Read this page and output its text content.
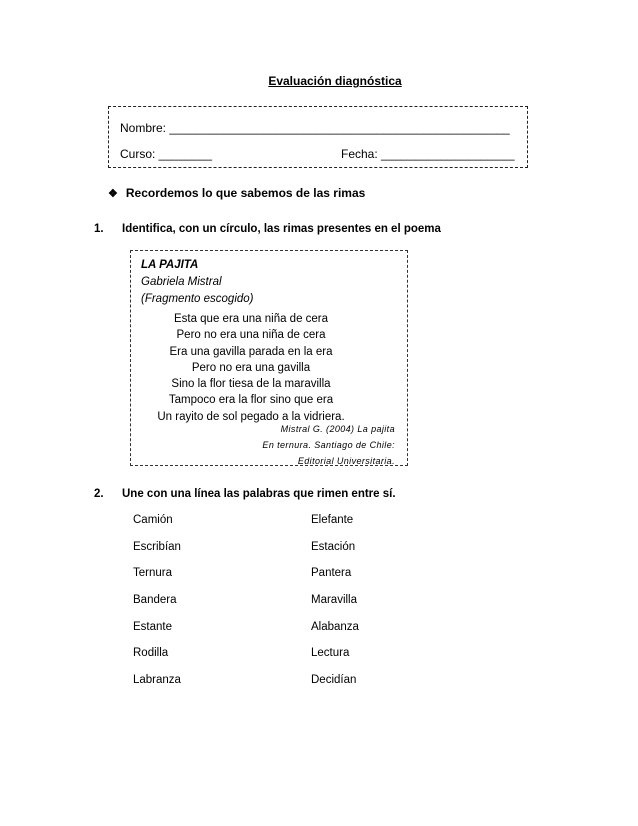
Evaluación diagnóstica
Nombre: ___________________________________________________
Curso: ________	Fecha: ____________________
❖ Recordemos lo que sabemos de las rimas
1. Identifica, con un círculo, las rimas presentes en el poema
LA PAJITA
Gabriela Mistral
(Fragmento escogido)
Esta que era una niña de cera
Pero no era una niña de cera
Era una gavilla parada en la era
Pero no era una gavilla
Sino la flor tiesa de la maravilla
Tampoco era la flor sino que era
Un rayito de sol pegado a la vidriera.
Mistral G. (2004) La pajita
En ternura. Santiago de Chile:
Editorial Universitaria.
2. Une con una línea las palabras que rimen entre sí.
Camión	Elefante
Escribían	Estación
Ternura	Pantera
Bandera	Maravilla
Estante	Alabanza
Rodilla	Lectura
Labranza	Decidían
